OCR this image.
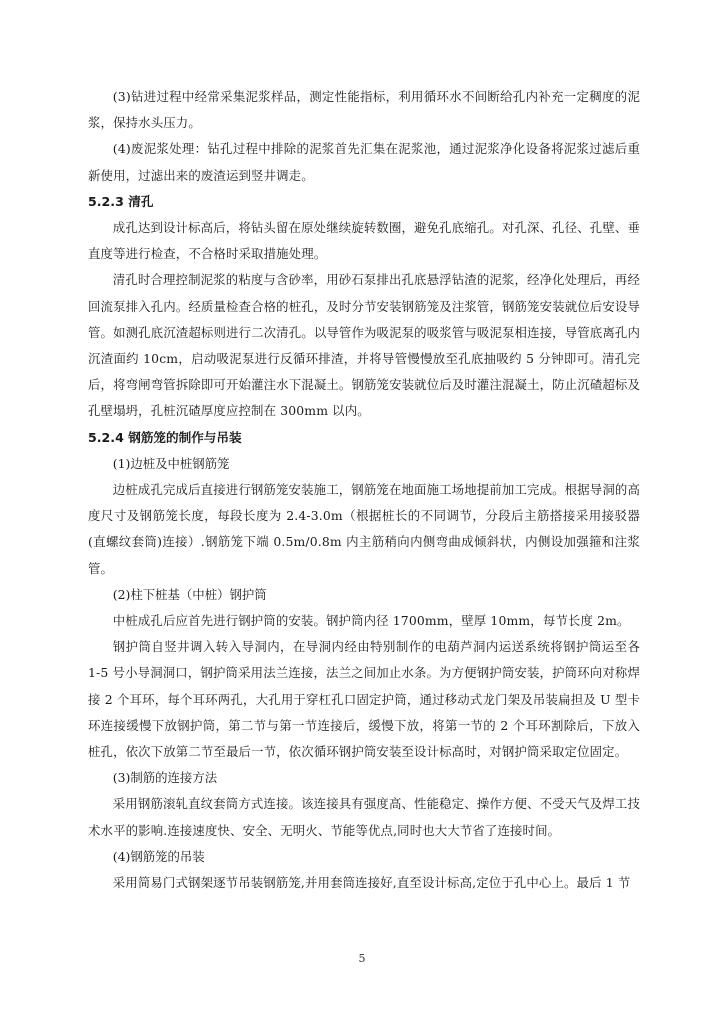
(3)钻进过程中经常采集泥浆样品，测定性能指标，利用循环水不间断给孔内补充一定稠度的泥浆，保持水头压力。

(4)废泥浆处理：钻孔过程中排除的泥浆首先汇集在泥浆池，通过泥浆净化设备将泥浆过滤后重新使用，过滤出来的废渣运到竖井调走。

5.2.3 清孔

成孔达到设计标高后，将钻头留在原处继续旋转数圈，避免孔底缩孔。对孔深、孔径、孔壁、垂直度等进行检查，不合格时采取措施处理。

清孔时合理控制泥浆的粘度与含砂率，用砂石泵排出孔底悬浮钻渣的泥浆，经净化处理后，再经回流泵排入孔内。经质量检查合格的桩孔，及时分节安装钢筋笼及注浆管，钢筋笼安装就位后安设导管。如测孔底沉渣超标则进行二次清孔。以导管作为吸泥泵的吸浆管与吸泥泵相连接，导管底离孔内沉渣面约 10cm，启动吸泥泵进行反循环排渣，并将导管慢慢放至孔底抽吸约 5 分钟即可。清孔完后，将弯闸弯管拆除即可开始灌注水下混凝土。钢筋笼安装就位后及时灌注混凝土，防止沉碴超标及孔壁塌坍，孔桩沉碴厚度应控制在 300mm 以内。

5.2.4 钢筋笼的制作与吊装

(1)边桩及中桩钢筋笼

边桩成孔完成后直接进行钢筋笼安装施工，钢筋笼在地面施工场地提前加工完成。根据导洞的高度尺寸及钢筋笼长度，每段长度为 2.4-3.0m（根据桩长的不同调节，分段后主筋搭接采用接驳器(直螺纹套筒)连接）.钢筋笼下端 0.5m/0.8m 内主筋稍向内侧弯曲成倾斜状，内侧设加强箍和注浆管。

(2)柱下桩基（中桩）钢护筒

中桩成孔后应首先进行钢护筒的安装。钢护筒内径 1700mm，壁厚 10mm，每节长度 2m。

钢护筒自竖井调入转入导洞内，在导洞内经由特别制作的电葫芦洞内运送系统将钢护筒运至各 1-5 号小导洞洞口，钢护筒采用法兰连接，法兰之间加止水条。为方便钢护筒安装，护筒环向对称焊接 2 个耳环，每个耳环两孔，大孔用于穿杠孔口固定护筒，通过移动式龙门架及吊装扁担及 U 型卡环连接缓慢下放钢护筒，第二节与第一节连接后，缓慢下放，将第一节的 2 个耳环割除后，下放入桩孔，依次下放第二节至最后一节，依次循环钢护筒安装至设计标高时，对钢护筒采取定位固定。

(3)制筋的连接方法

采用钢筋滚轧直纹套筒方式连接。该连接具有强度高、性能稳定、操作方便、不受天气及焊工技术水平的影响.连接速度快、安全、无明火、节能等优点,同时也大大节省了连接时间。

(4)钢筋笼的吊装

采用简易门式钢架逐节吊装钢筋笼,并用套筒连接好,直至设计标高,定位于孔中心上。最后 1 节

5
